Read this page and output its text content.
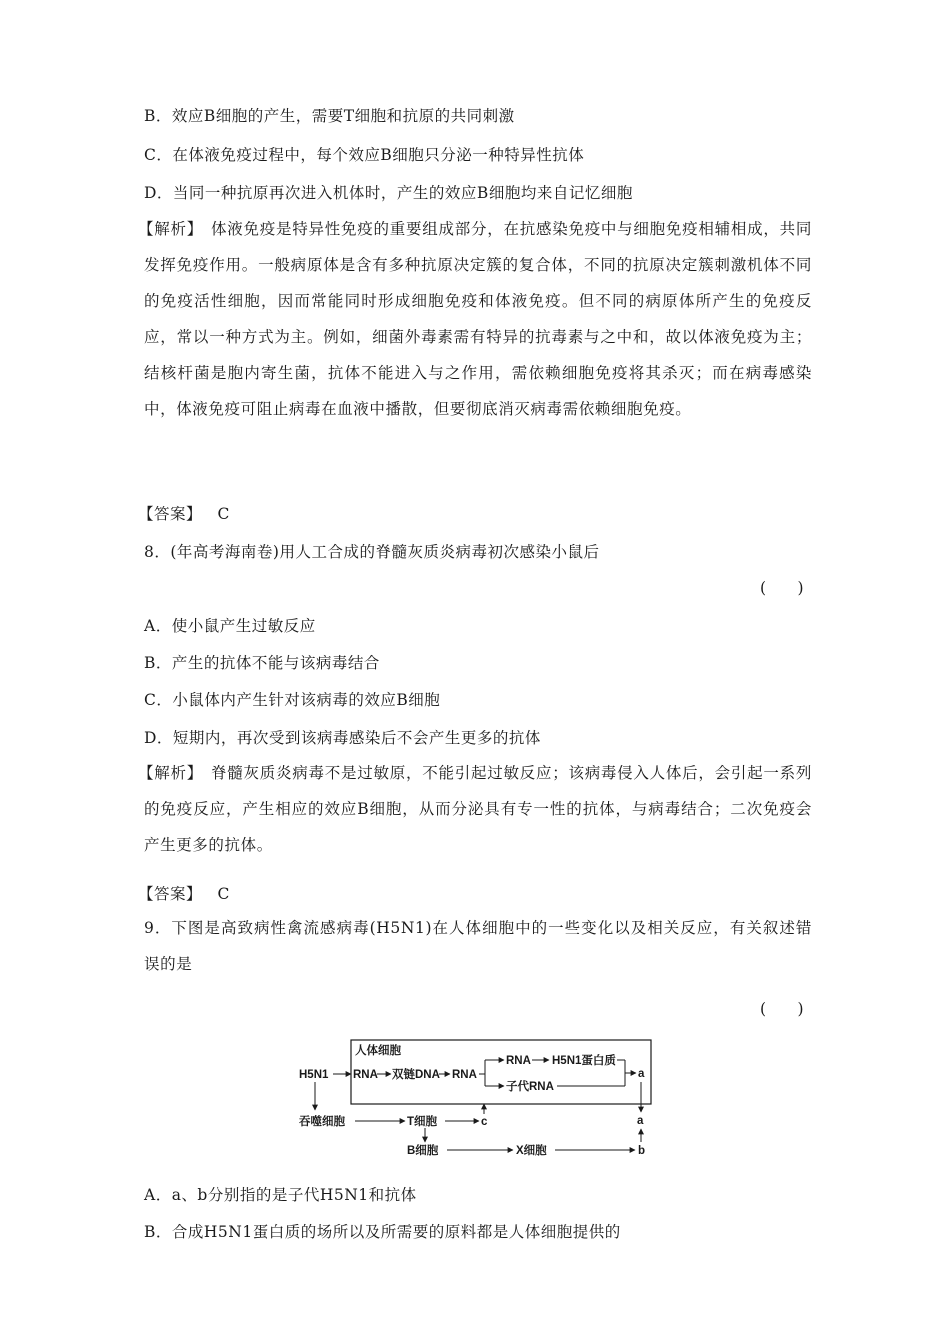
B．效应B细胞的产生，需要T细胞和抗原的共同刺激
C．在体液免疫过程中，每个效应B细胞只分泌一种特异性抗体
D．当同一种抗原再次进入机体时，产生的效应B细胞均来自记忆细胞
【解析】 体液免疫是特异性免疫的重要组成部分，在抗感染免疫中与细胞免疫相辅相成，共同发挥免疫作用。一般病原体是含有多种抗原决定簇的复合体，不同的抗原决定簇刺激机体不同的免疫活性细胞，因而常能同时形成细胞免疫和体液免疫。但不同的病原体所产生的免疫反应，常以一种方式为主。例如，细菌外毒素需有特异的抗毒素与之中和，故以体液免疫为主；结核杆菌是胞内寄生菌，抗体不能进入与之作用，需依赖细胞免疫将其杀灭；而在病毒感染中，体液免疫可阻止病毒在血液中播散，但要彻底消灭病毒需依赖细胞免疫。
【答案】 C
8．(年高考海南卷)用人工合成的脊髓灰质炎病毒初次感染小鼠后
(　)
A．使小鼠产生过敏反应
B．产生的抗体不能与该病毒结合
C．小鼠体内产生针对该病毒的效应B细胞
D．短期内，再次受到该病毒感染后不会产生更多的抗体
【解析】 脊髓灰质炎病毒不是过敏原，不能引起过敏反应；该病毒侵入人体后，会引起一系列的免疫反应，产生相应的效应B细胞，从而分泌具有专一性的抗体，与病毒结合；二次免疫会产生更多的抗体。
【答案】 C
9．下图是高致病性禽流感病毒(H5N1)在人体细胞中的一些变化以及相关反应，有关叙述错误的是
(　)
人体细胞
H5N1 RNA 双链DNA RNA
RNA H5N1蛋白质
子代RNA
a
a
吞噬细胞	T细胞	c
B细胞	X细胞	b
A．a、b分别指的是子代H5N1和抗体
B．合成H5N1蛋白质的场所以及所需要的原料都是人体细胞提供的
